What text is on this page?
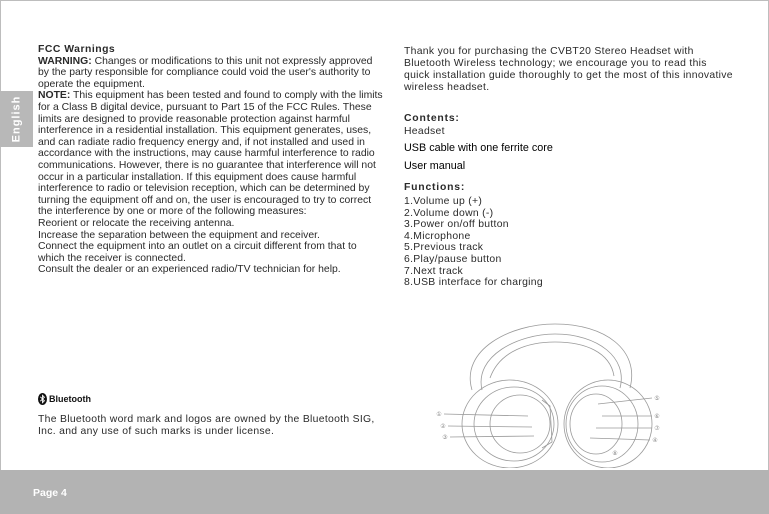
English

FCC Warnings

WARNING: Changes or modifications to this unit not expressly approved by the party responsible for compliance could void the user's authority to operate the equipment.

NOTE: This equipment has been tested and found to comply with the limits for a Class B digital device, pursuant to Part 15 of the FCC Rules. These limits are designed to provide reasonable protection against harmful interference in a residential installation. This equipment generates, uses, and can radiate radio frequency energy and, if not installed and used in accordance with the instructions, may cause harmful interference to radio communications. However, there is no guarantee that interference will not occur in a particular installation. If this equipment does cause harmful interference to radio or television reception, which can be determined by turning the equipment off and on, the user is encouraged to try to correct the interference by one or more of the following measures:

Reorient or relocate the receiving antenna.

Increase the separation between the equipment and receiver.

Connect the equipment into an outlet on a circuit different from that to which the receiver is connected.

Consult the dealer or an experienced radio/TV technician for help.

Bluetooth

The Bluetooth word mark and logos are owned by the Bluetooth SIG, Inc. and any use of such marks is under license.

Thank you for purchasing the CVBT20 Stereo Headset with Bluetooth Wireless technology; we encourage you to read this quick installation guide thoroughly to get the most of this innovative wireless headset.

Contents:

Headset

USB cable with one ferrite core

User manual

Functions:

1.Volume up (+)

2.Volume down (-)

3.Power on/off button

4.Microphone

5.Previous track

6.Play/pause button

7.Next track

8.USB interface for charging

①
②
③
⑤
⑥
⑦
④
⑧
Page 4
